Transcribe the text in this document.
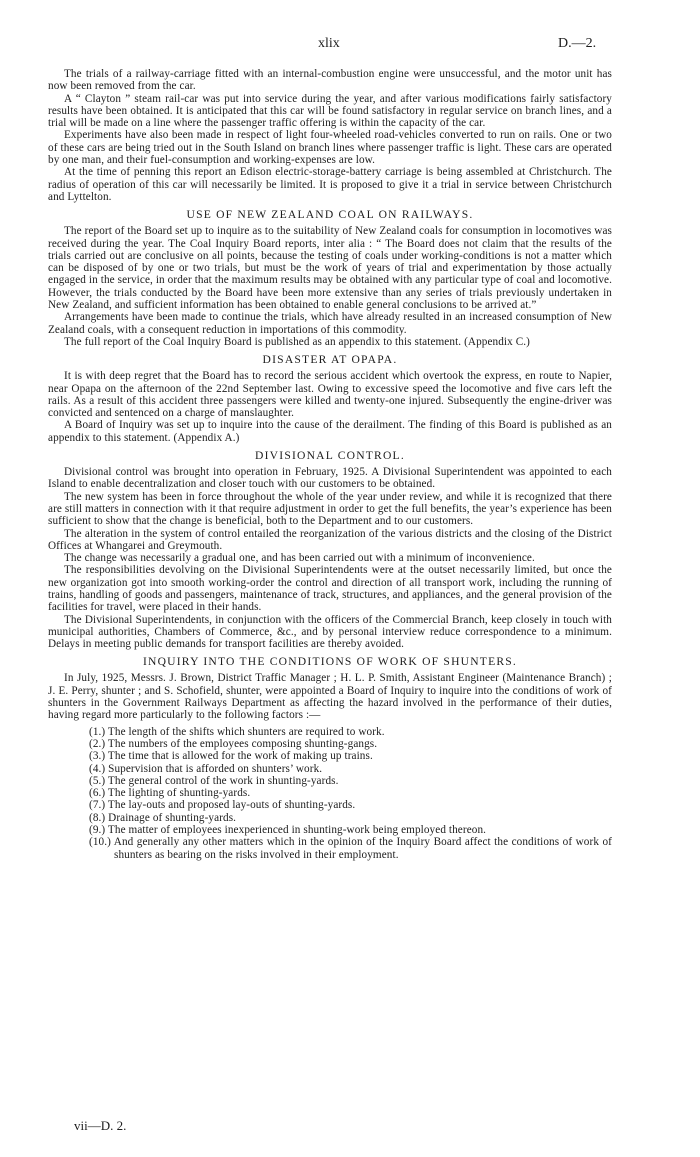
xlix	D.—2.

The trials of a railway-carriage fitted with an internal-combustion engine were unsuccessful, and the motor unit has now been removed from the car.

A “ Clayton ” steam rail-car was put into service during the year, and after various modifications fairly satisfactory results have been obtained. It is anticipated that this car will be found satisfactory in regular service on branch lines, and a trial will be made on a line where the passenger traffic offering is within the capacity of the car.

Experiments have also been made in respect of light four-wheeled road-vehicles converted to run on rails. One or two of these cars are being tried out in the South Island on branch lines where passenger traffic is light. These cars are operated by one man, and their fuel-consumption and working-expenses are low.

At the time of penning this report an Edison electric-storage-battery carriage is being assembled at Christchurch. The radius of operation of this car will necessarily be limited. It is proposed to give it a trial in service between Christchurch and Lyttelton.

USE OF NEW ZEALAND COAL ON RAILWAYS.

The report of the Board set up to inquire as to the suitability of New Zealand coals for consumption in locomotives was received during the year. The Coal Inquiry Board reports, inter alia : “ The Board does not claim that the results of the trials carried out are conclusive on all points, because the testing of coals under working-conditions is not a matter which can be disposed of by one or two trials, but must be the work of years of trial and experimentation by those actually engaged in the service, in order that the maximum results may be obtained with any particular type of coal and locomotive. However, the trials conducted by the Board have been more extensive than any series of trials previously undertaken in New Zealand, and sufficient information has been obtained to enable general conclusions to be arrived at.”

Arrangements have been made to continue the trials, which have already resulted in an increased consumption of New Zealand coals, with a consequent reduction in importations of this commodity.

The full report of the Coal Inquiry Board is published as an appendix to this statement. (Appendix C.)

DISASTER AT OPAPA.

It is with deep regret that the Board has to record the serious accident which overtook the express, en route to Napier, near Opapa on the afternoon of the 22nd September last. Owing to excessive speed the locomotive and five cars left the rails. As a result of this accident three passengers were killed and twenty-one injured. Subsequently the engine-driver was convicted and sentenced on a charge of manslaughter.

A Board of Inquiry was set up to inquire into the cause of the derailment. The finding of this Board is published as an appendix to this statement. (Appendix A.)

DIVISIONAL CONTROL.

Divisional control was brought into operation in February, 1925. A Divisional Superintendent was appointed to each Island to enable decentralization and closer touch with our customers to be obtained.

The new system has been in force throughout the whole of the year under review, and while it is recognized that there are still matters in connection with it that require adjustment in order to get the full benefits, the year’s experience has been sufficient to show that the change is beneficial, both to the Department and to our customers.

The alteration in the system of control entailed the reorganization of the various districts and the closing of the District Offices at Whangarei and Greymouth.

The change was necessarily a gradual one, and has been carried out with a minimum of inconvenience.

The responsibilities devolving on the Divisional Superintendents were at the outset necessarily limited, but once the new organization got into smooth working-order the control and direction of all transport work, including the running of trains, handling of goods and passengers, maintenance of track, structures, and appliances, and the general provision of the facilities for travel, were placed in their hands.

The Divisional Superintendents, in conjunction with the officers of the Commercial Branch, keep closely in touch with municipal authorities, Chambers of Commerce, &c., and by personal interview reduce correspondence to a minimum. Delays in meeting public demands for transport facilities are thereby avoided.

INQUIRY INTO THE CONDITIONS OF WORK OF SHUNTERS.

In July, 1925, Messrs. J. Brown, District Traffic Manager ; H. L. P. Smith, Assistant Engineer (Maintenance Branch) ; J. E. Perry, shunter ; and S. Schofield, shunter, were appointed a Board of Inquiry to inquire into the conditions of work of shunters in the Government Railways Department as affecting the hazard involved in the performance of their duties, having regard more particularly to the following factors :—

(1.) The length of the shifts which shunters are required to work.
(2.) The numbers of the employees composing shunting-gangs.
(3.) The time that is allowed for the work of making up trains.
(4.) Supervision that is afforded on shunters’ work.
(5.) The general control of the work in shunting-yards.
(6.) The lighting of shunting-yards.
(7.) The lay-outs and proposed lay-outs of shunting-yards.
(8.) Drainage of shunting-yards.
(9.) The matter of employees inexperienced in shunting-work being employed thereon.
(10.) And generally any other matters which in the opinion of the Inquiry Board affect the conditions of work of shunters as bearing on the risks involved in their employment.
vii—D. 2.
